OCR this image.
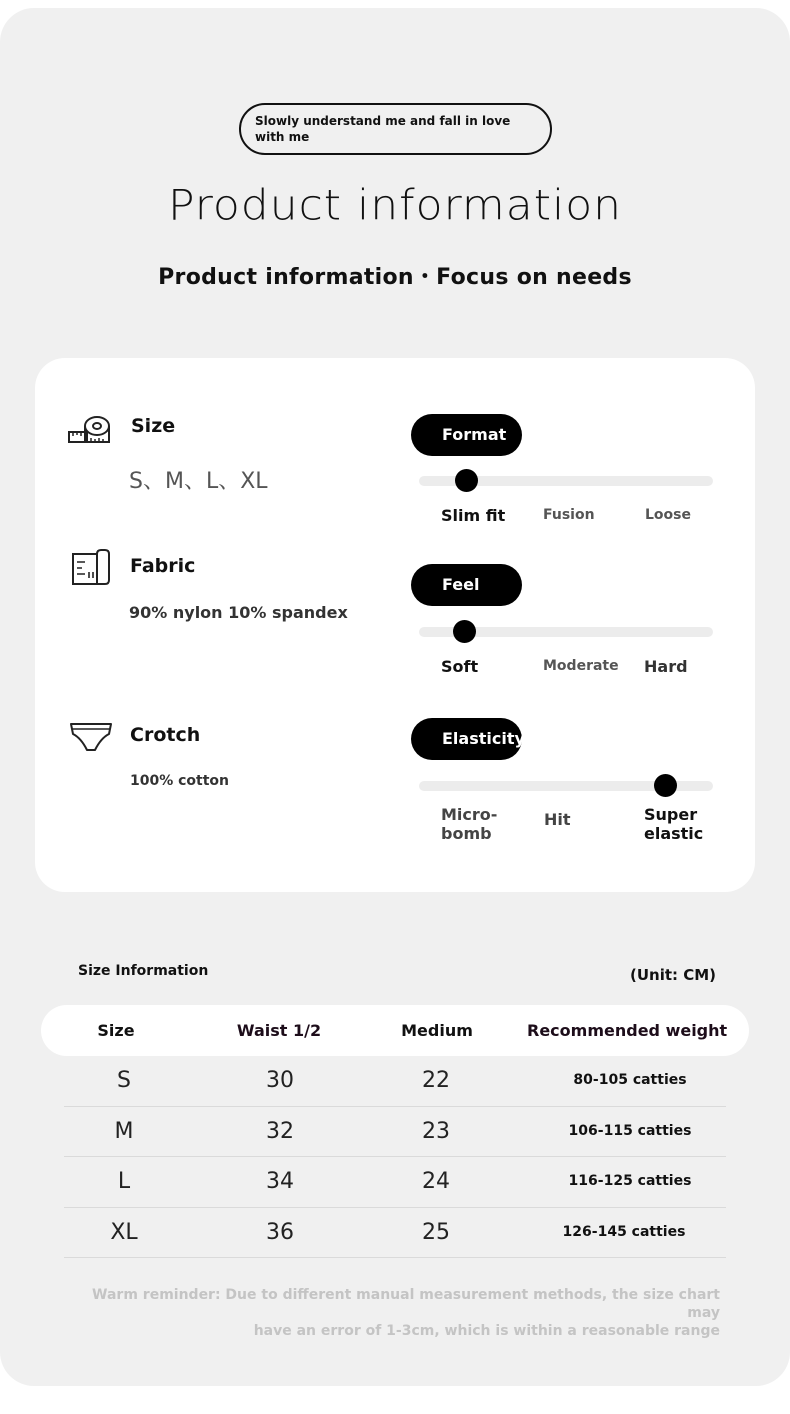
Slowly understand me and fall in love with me
Product information
Product information・Focus on needs
Size
S、M、L、XL
Fabric
90% nylon 10% spandex
Crotch
100% cotton
Format
Slim fit	Fusion	Loose
Feel
Soft	Moderate Hard
Elasticity
Micro-bomb
Hit	Super elastic
Size Information	(Unit: CM)
Size	Waist 1/2	Medium	Recommended weight
S	30	22	80-105 catties
M	32	23	106-115 catties
L	34	24	116-125 catties
XL	36	25	126-145 catties
Warm reminder: Due to different manual measurement methods, the size chart may
have an error of 1-3cm, which is within a reasonable range
